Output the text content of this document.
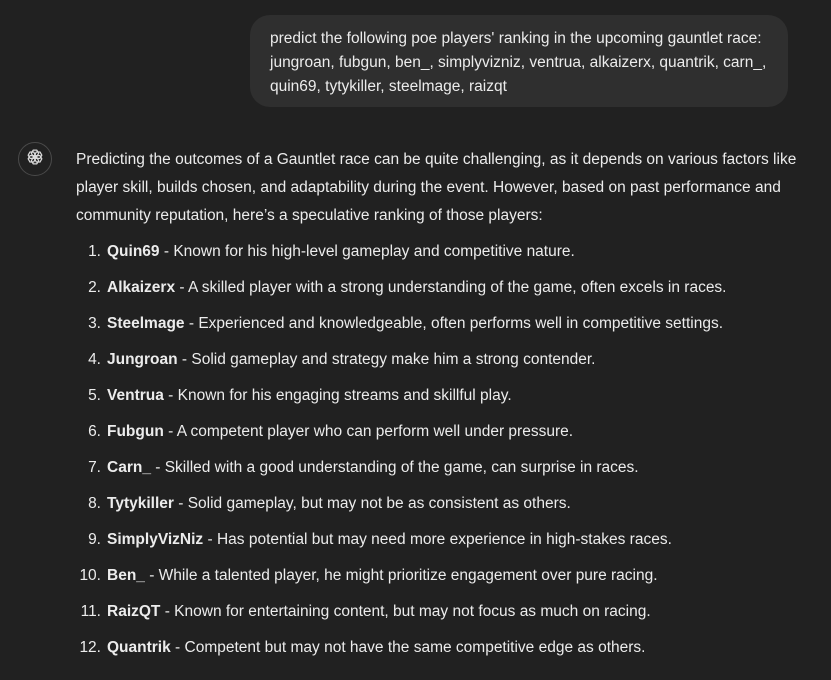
predict the following poe players' ranking in the upcoming gauntlet race: jungroan, fubgun, ben_, simplyvizniz, ventrua, alkaizerx, quantrik, carn_, quin69, tytykiller, steelmage, raizqt

Predicting the outcomes of a Gauntlet race can be quite challenging, as it depends on various factors like player skill, builds chosen, and adaptability during the event. However, based on past performance and community reputation, here’s a speculative ranking of those players:

1. Quin69 - Known for his high-level gameplay and competitive nature.
2. Alkaizerx - A skilled player with a strong understanding of the game, often excels in races.
3. Steelmage - Experienced and knowledgeable, often performs well in competitive settings.
4. Jungroan - Solid gameplay and strategy make him a strong contender.
5. Ventrua - Known for his engaging streams and skillful play.
6. Fubgun - A competent player who can perform well under pressure.
7. Carn_ - Skilled with a good understanding of the game, can surprise in races.
8. Tytykiller - Solid gameplay, but may not be as consistent as others.
9. SimplyVizNiz - Has potential but may need more experience in high-stakes races.
10. Ben_ - While a talented player, he might prioritize engagement over pure racing.
11. RaizQT - Known for entertaining content, but may not focus as much on racing.
12. Quantrik - Competent but may not have the same competitive edge as others.
